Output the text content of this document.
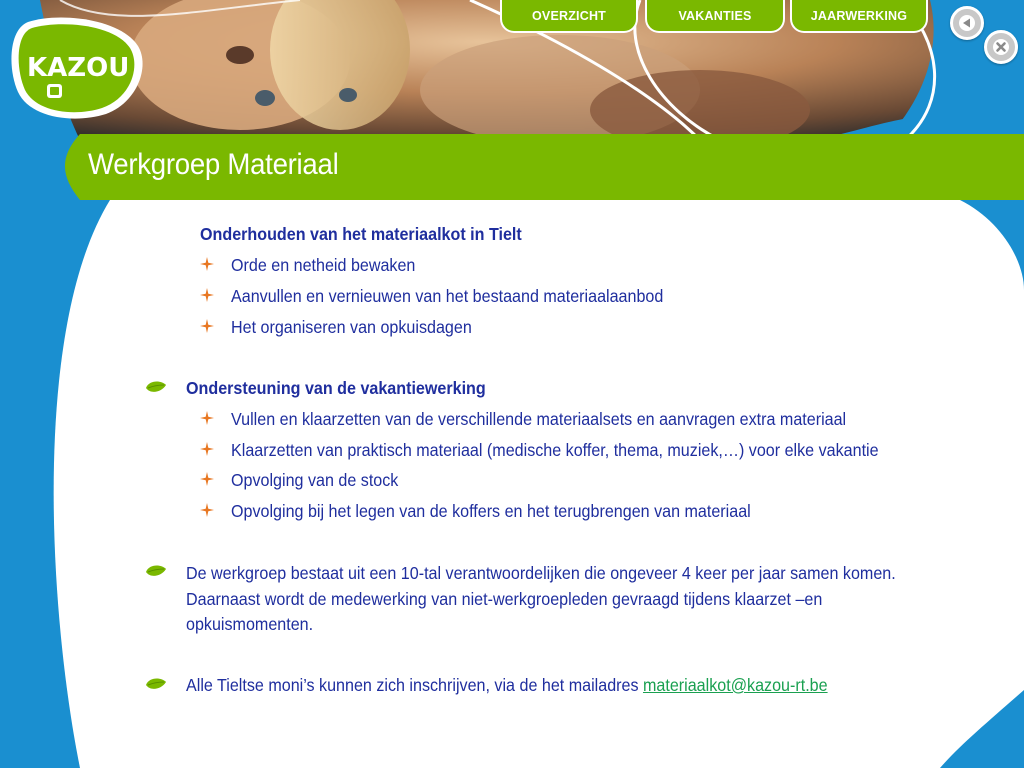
KAZOU
OVERZICHT	VAKANTIES	JAARWERKING
Werkgroep Materiaal
Onderhouden van het materiaalkot in Tielt
Orde en netheid bewaken
Aanvullen en vernieuwen van het bestaand materiaalaanbod
Het organiseren van opkuisdagen
Ondersteuning van de vakantiewerking
Vullen en klaarzetten van de verschillende materiaalsets en aanvragen extra materiaal
Klaarzetten van praktisch materiaal (medische koffer, thema, muziek,…) voor elke vakantie
Opvolging van de stock
Opvolging bij het legen van de koffers en het terugbrengen van materiaal
De werkgroep bestaat uit een 10-tal verantwoordelijken die ongeveer 4 keer per jaar samen komen.
Daarnaast wordt de medewerking van niet-werkgroepleden gevraagd tijdens klaarzet –en
opkuismomenten.
Alle Tieltse moni’s kunnen zich inschrijven, via de het mailadres materiaalkot@kazou-rt.be
